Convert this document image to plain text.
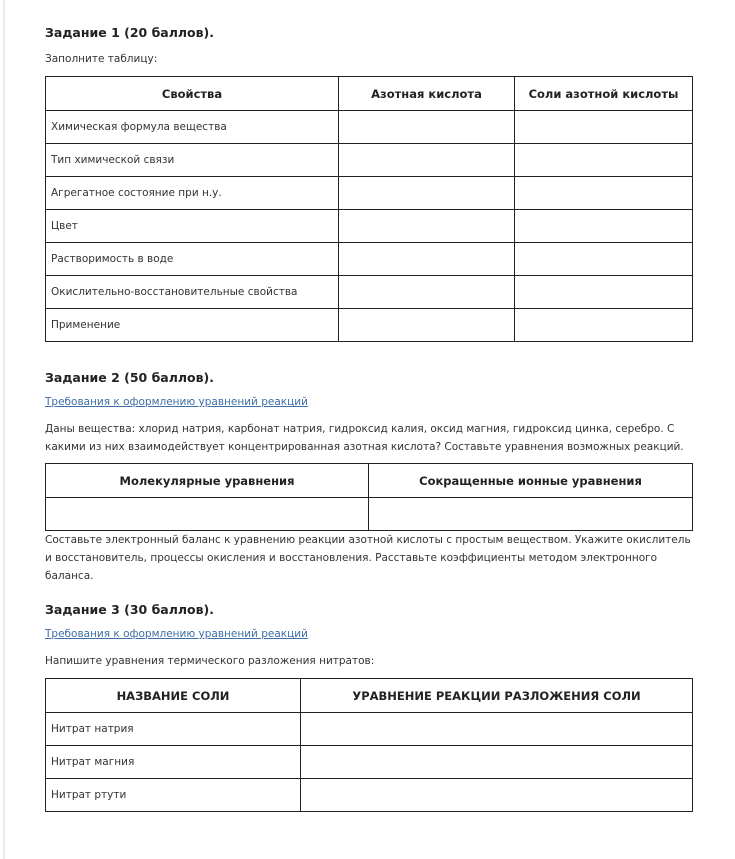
Задание 1 (20 баллов).

Заполните таблицу:

Свойства	Азотная кислота	Соли азотной кислоты
Химическая формула вещества		
Тип химической связи		
Агрегатное состояние при н.у.		
Цвет		
Растворимость в воде		
Окислительно-восстановительные свойства		
Применение		
Задание 2 (50 баллов).
Требования к оформлению уравнений реакций

Даны вещества: хлорид натрия, карбонат натрия, гидроксид калия, оксид магния, гидроксид цинка, серебро. С какими из них взаимодействует концентрированная азотная кислота? Составьте уравнения возможных реакций.

Молекулярные уравнения	Сокращенные ионные уравнения

Составьте электронный баланс к уравнению реакции азотной кислоты с простым веществом. Укажите окислитель и восстановитель, процессы окисления и восстановления. Расставьте коэффициенты методом электронного баланса.

Задание 3 (30 баллов).
Требования к оформлению уравнений реакций

Напишите уравнения термического разложения нитратов:

НАЗВАНИЕ СОЛИ	УРАВНЕНИЕ РЕАКЦИИ РАЗЛОЖЕНИЯ СОЛИ
Нитрат натрия	
Нитрат магния	
Нитрат ртути	
